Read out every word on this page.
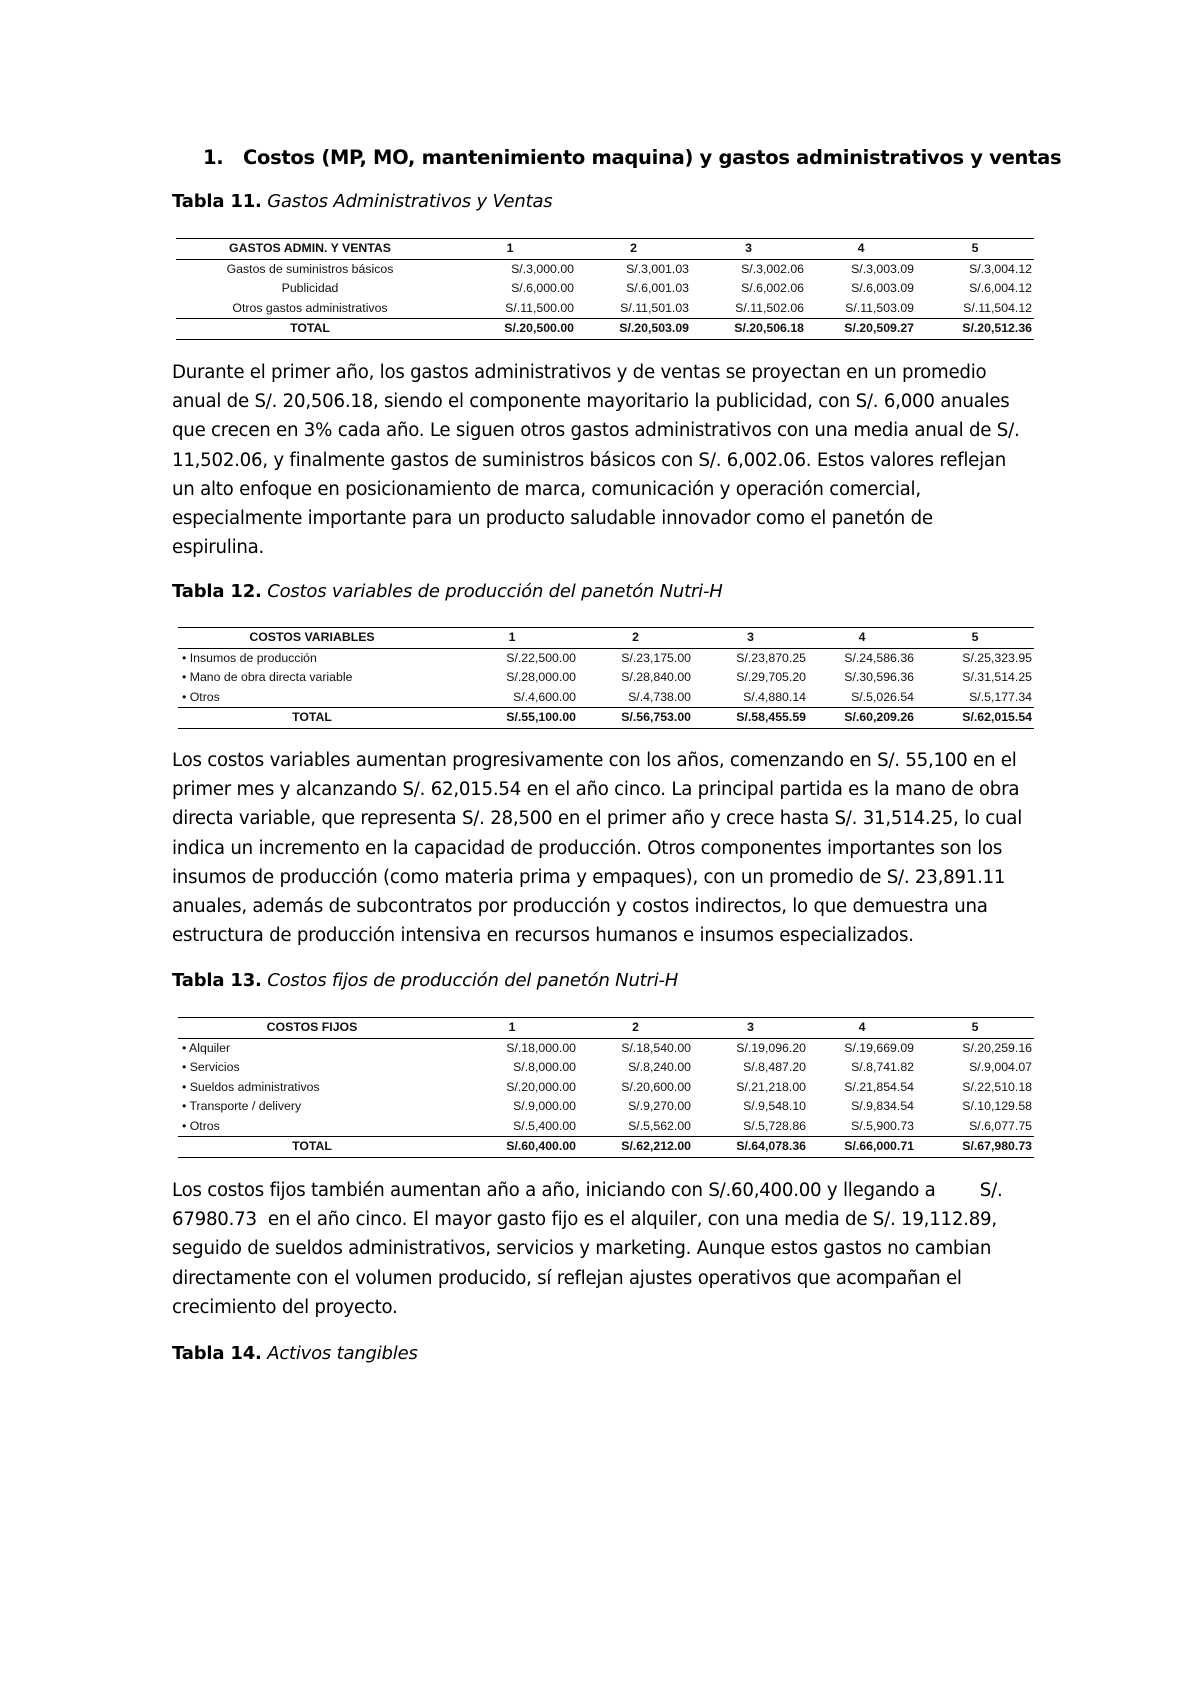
1. Costos (MP, MO, mantenimiento maquina) y gastos administrativos y ventas
Tabla 11. Gastos Administrativos y Ventas
GASTOS ADMIN. Y VENTAS	1	2	3	4	5
Gastos de suministros básicos	S/.3,000.00	S/.3,001.03	S/.3,002.06	S/.3,003.09	S/.3,004.12
Publicidad	S/.6,000.00	S/.6,001.03	S/.6,002.06	S/.6,003.09	S/.6,004.12
Otros gastos administrativos	S/.11,500.00	S/.11,501.03	S/.11,502.06	S/.11,503.09	S/.11,504.12
TOTAL	S/.20,500.00	S/.20,503.09	S/.20,506.18	S/.20,509.27	S/.20,512.36
Durante el primer año, los gastos administrativos y de ventas se proyectan en un promedio
anual de S/. 20,506.18, siendo el componente mayoritario la publicidad, con S/. 6,000 anuales
que crecen en 3% cada año. Le siguen otros gastos administrativos con una media anual de S/.
11,502.06, y finalmente gastos de suministros básicos con S/. 6,002.06. Estos valores reflejan
un alto enfoque en posicionamiento de marca, comunicación y operación comercial,
especialmente importante para un producto saludable innovador como el panetón de
espirulina.
Tabla 12. Costos variables de producción del panetón Nutri-H
COSTOS VARIABLES	1	2	3	4	5
• Insumos de producción	S/.22,500.00	S/.23,175.00	S/.23,870.25	S/.24,586.36	S/.25,323.95
• Mano de obra directa variable	S/.28,000.00	S/.28,840.00	S/.29,705.20	S/.30,596.36	S/.31,514.25
• Otros	S/.4,600.00	S/.4,738.00	S/.4,880.14	S/.5,026.54	S/.5,177.34
TOTAL	S/.55,100.00	S/.56,753.00	S/.58,455.59	S/.60,209.26	S/.62,015.54
Los costos variables aumentan progresivamente con los años, comenzando en S/. 55,100 en el
primer mes y alcanzando S/. 62,015.54 en el año cinco. La principal partida es la mano de obra
directa variable, que representa S/. 28,500 en el primer año y crece hasta S/. 31,514.25, lo cual
indica un incremento en la capacidad de producción. Otros componentes importantes son los
insumos de producción (como materia prima y empaques), con un promedio de S/. 23,891.11
anuales, además de subcontratos por producción y costos indirectos, lo que demuestra una
estructura de producción intensiva en recursos humanos e insumos especializados.
Tabla 13. Costos fijos de producción del panetón Nutri-H
COSTOS FIJOS	1	2	3	4	5
• Alquiler	S/.18,000.00	S/.18,540.00	S/.19,096.20	S/.19,669.09	S/.20,259.16
• Servicios	S/.8,000.00	S/.8,240.00	S/.8,487.20	S/.8,741.82	S/.9,004.07
• Sueldos administrativos	S/.20,000.00	S/.20,600.00	S/.21,218.00	S/.21,854.54	S/.22,510.18
• Transporte / delivery	S/.9,000.00	S/.9,270.00	S/.9,548.10	S/.9,834.54	S/.10,129.58
• Otros	S/.5,400.00	S/.5,562.00	S/.5,728.86	S/.5,900.73	S/.6,077.75
TOTAL	S/.60,400.00	S/.62,212.00	S/.64,078.36	S/.66,000.71	S/.67,980.73
Los costos fijos también aumentan año a año, iniciando con S/.60,400.00 y llegando a        S/.
67980.73  en el año cinco. El mayor gasto fijo es el alquiler, con una media de S/. 19,112.89,
seguido de sueldos administrativos, servicios y marketing. Aunque estos gastos no cambian
directamente con el volumen producido, sí reflejan ajustes operativos que acompañan el
crecimiento del proyecto.
Tabla 14. Activos tangibles
